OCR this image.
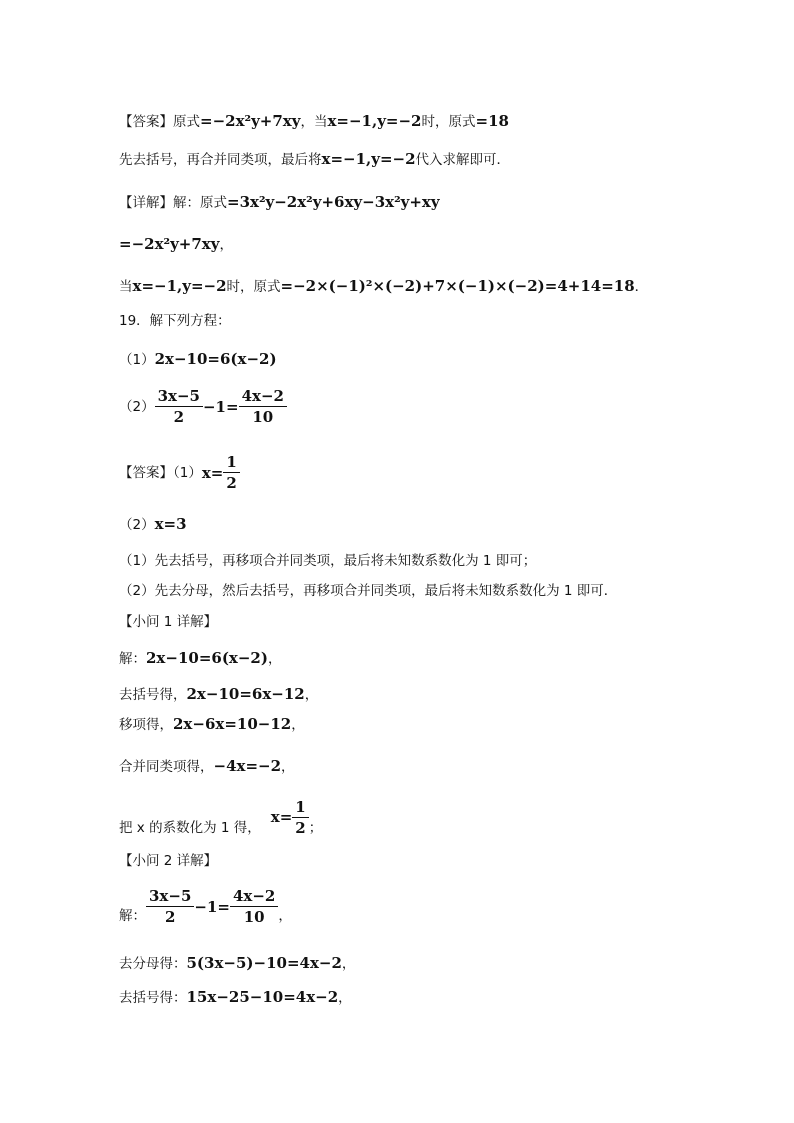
【答案】原式=−2x²y+7xy，当x=−1,y=−2时，原式=18
先去括号，再合并同类项，最后将x=−1,y=−2代入求解即可．
【详解】解：原式=3x²y−2x²y+6xy−3x²y+xy
=−2x²y+7xy，
当x=−1,y=−2时，原式=−2×(−1)²×(−2)+7×(−1)×(−2)=4+14=18．
19．解下列方程：
（1）2x−10=6(x−2)
$(2) \frac{3x-5}{2} -1= \frac{4x-2}{10}$
【答案】$(1)x= \frac{1}{2}$
（2）x=3
（1）先去括号，再移项合并同类项，最后将未知数系数化为 1 即可；
（2）先去分母，然后去括号，再移项合并同类项，最后将未知数系数化为 1 即可．
【小问 1 详解】
解：2x−10=6(x−2)，
去括号得，2x−10=6x−12，
移项得，2x−6x=10−12，
合并同类项得，−4x=−2，
把 x 的系数化为 1 得，$x= \frac{1}{2}$ ；
【小问 2 详解】
解： $\frac{3x-5}{2} -1= \frac{4x-2}{10}$ ，
去分母得：5(3x−5)−10=4x−2，
去括号得：15x−25−10=4x−2，
